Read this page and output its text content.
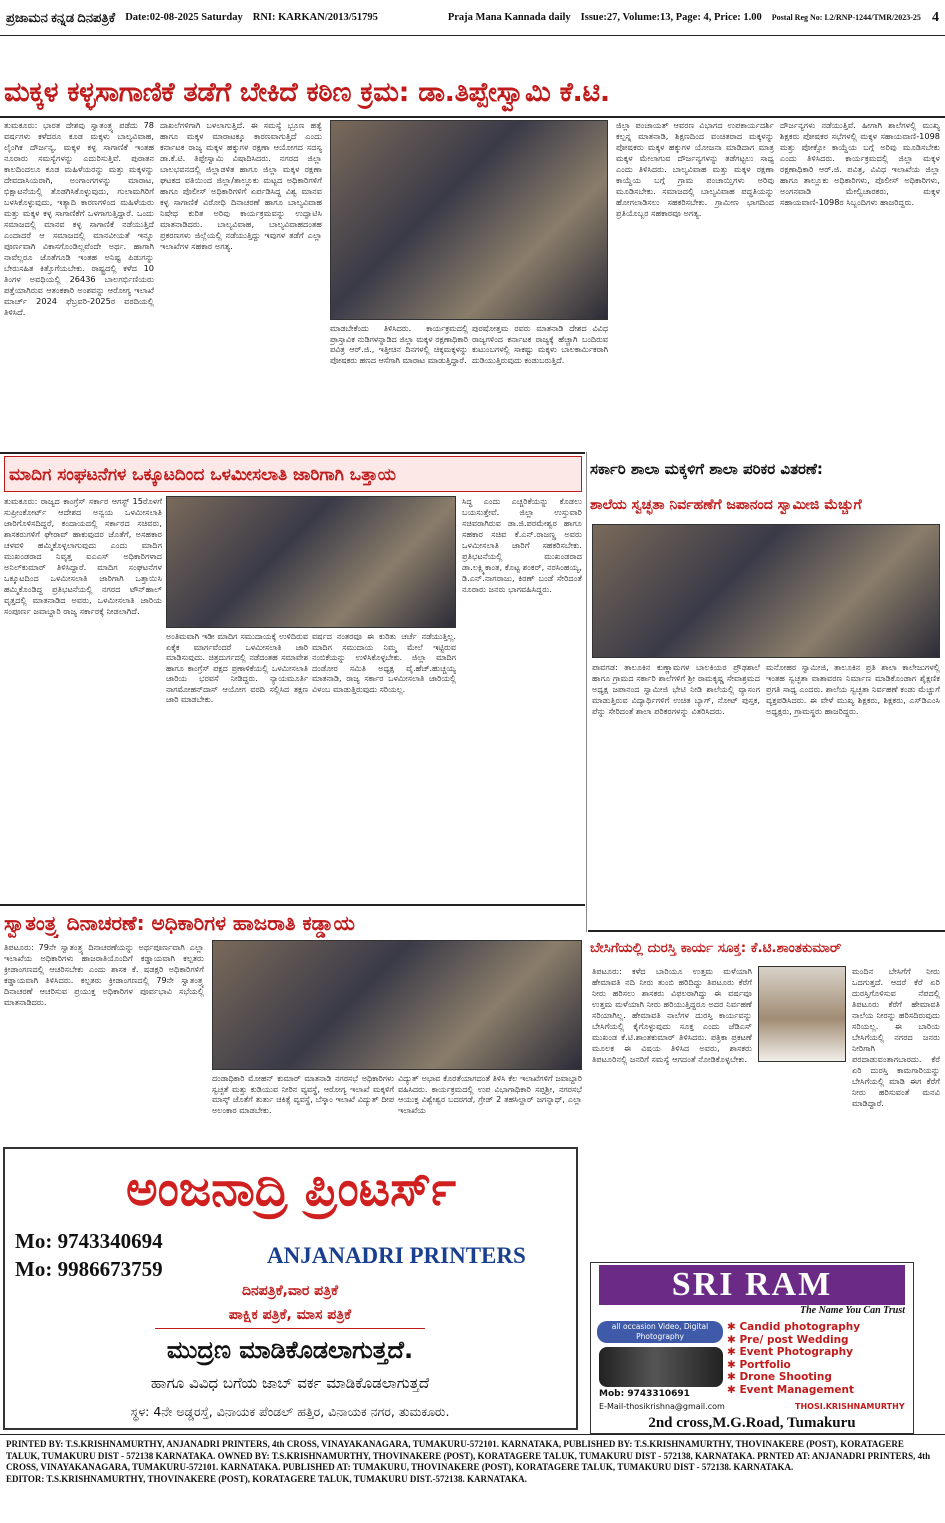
ಪ್ರಜಾಮನ ಕನ್ನಡ ದಿನಪತ್ರಿಕೆ Date:02-08-2025 Saturday RNI: KARKAN/2013/51795	Praja Mana Kannada daily Issue:27, Volume:13, Page: 4, Price: 1.00 Postal Reg No: L2/RNP-1244/TMR/2023-25 4
ಮಕ್ಕಳ ಕಳ್ಳಸಾಗಾಣಿಕೆ ತಡೆಗೆ ಬೇಕಿದೆ ಕಠಿಣ ಕ್ರಮ: ಡಾ.ತಿಪ್ಪೇಸ್ವಾಮಿ ಕೆ.ಟಿ.
ತುಮಕೂರು: ಭಾರತ ದೇಶವು ಸ್ವಾತಂತ್ರ್ಯ ಪಡೆದು 78 ವರ್ಷಗಳು ಕಳೆದರೂ ಕೂಡ ಮಕ್ಕಳು ಬಾಲ್ಯವಿವಾಹ, ಲೈಂಗಿಕ ದೌರ್ಜನ್ಯ, ಮಕ್ಕಳ ಕಳ್ಳ ಸಾಗಾಣಿಕೆ ಇಂತಹ ನೂರಾರು ಸಮಸ್ಯೆಗಳನ್ನು ಎದುರಿಸುತ್ತಿವೆ. ಪುರಾತನ ಕಾಲದಿಂದಲೂ ಕೂಡ ಮಹಿಳೆಯರನ್ನು ಮತ್ತು ಮಕ್ಕಳನ್ನು ದೇವದಾಸಿಯರಾಗಿ, ಅಂಗಾಂಗಗಳನ್ನು ಮಾರಾಟ, ಭಿಕ್ಷಾಟನೆಯಲ್ಲಿ ತೊಡಗಿಸಿಕೊಳ್ಳುವುದು, ಗುಲಾಮಗಿರಿಗೆ ಬಳಸಿಕೊಳ್ಳುವುದು, ಇತ್ಯಾದಿ ಕಾರಣಗಳಿಂದ ಮಹಿಳೆಯರು ಮತ್ತು ಮಕ್ಕಳ ಕಳ್ಳ ಸಾಗಾಣಿಕೆಗೆ ಒಳಗಾಗುತ್ತಿದ್ದಾರೆ. ಒಂದು ಸಮಾಜದಲ್ಲಿ ಮಾನವ ಕಳ್ಳ ಸಾಗಾಣಿಕೆ ನಡೆಯುತ್ತಿದೆ ಎಂದಾದರೆ ಆ ಸಮಾಜದಲ್ಲಿ ಮಾನವೀಯತೆ ಇನ್ನೂ ಪೂರ್ಣವಾಗಿ ವಿಕಾಸಗೊಂಡಿಲ್ಲವೆಂದೇ ಅರ್ಥ. ಹಾಗಾಗಿ ನಾವೆಲ್ಲರೂ ಜೊತೆಗೂಡಿ ಇಂತಹ ಅನಿಷ್ಟ ಪಿಡುಗನ್ನು ಬೇರುಸಹಿತ ಕಿತ್ತೊಗೆಯಬೇಕು. ರಾಷ್ಟ್ರದಲ್ಲಿ ಕಳೆದ 10 ತಿಂಗಳ ಅವಧಿಯಲ್ಲಿ 26436 ಬಾಲಗರ್ಭಿಣಿಯರು ಪತ್ತೆಯಾಗಿರುವ ಆತಂಕಕಾರಿ ಅಂಶವನ್ನು ಆರೋಗ್ಯ ಇಲಾಖೆ ಮಾರ್ಚ್ 2024 ಫೆಬ್ರವರಿ-2025ರ ವರದಿಯಲ್ಲಿ ತಿಳಿಸಿದೆ.
ದಾಖಲೆಗಳಿಗಾಗಿ ಬಳಲಾಗುತ್ತಿದೆ. ಈ ಸಮಸ್ಯೆ ಭ್ರೂಣ ಹತ್ಯೆ ಹಾಗೂ ಮಕ್ಕಳ ಮಾರಾಟಕ್ಕೂ ಕಾರಣವಾಗುತ್ತಿದೆ ಎಂದು ಕರ್ನಾಟಕ ರಾಜ್ಯ ಮಕ್ಕಳ ಹಕ್ಕುಗಳ ರಕ್ಷಣಾ ಆಯೋಗದ ಸದಸ್ಯ ಡಾ.ಕೆ.ಟಿ. ತಿಪ್ಪೇಸ್ವಾಮಿ ವಿಷಾದಿಸಿದರು. ನಗರದ ಜಿಲ್ಲಾ ಬಾಲಭವನದಲ್ಲಿ ಜಿಲ್ಲಾಡಳಿತ ಹಾಗೂ ಜಿಲ್ಲಾ ಮಕ್ಕಳ ರಕ್ಷಣಾ ಘಟಕದ ವತಿಯಿಂದ ಜಿಲ್ಲಾ/ತಾಲ್ಲೂಕು ಮಟ್ಟದ ಅಧಿಕಾರಿಗಳಿಗೆ ಹಾಗೂ ಪೊಲೀಸ್ ಅಧಿಕಾರಿಗಳಿಗೆ ಏರ್ಪಡಿಸಿದ್ದ ವಿಶ್ವ ಮಾನವ ಕಳ್ಳ ಸಾಗಾಣಿಕೆ ವಿರೋಧಿ ದಿನಾಚರಣೆ ಹಾಗೂ ಬಾಲ್ಯವಿವಾಹ ನಿಷೇಧ ಕುರಿತ ಅರಿವು ಕಾರ್ಯಕ್ರಮವನ್ನು ಉದ್ಘಾಟಿಸಿ ಮಾತನಾಡಿದರು. ಬಾಲ್ಯವಿವಾಹ, ಬಾಲ್ಯವಿವಾಹದಂತಹ ಪ್ರಕರಣಗಳು ಜಿಲ್ಲೆಯಲ್ಲಿ ನಡೆಯುತ್ತಿದ್ದು ಇವುಗಳ ತಡೆಗೆ ಎಲ್ಲಾ ಇಲಾಖೆಗಳ ಸಹಕಾರ ಅಗತ್ಯ.
ಮಾಡಬೇಕೆಂದು ತಿಳಿಸಿದರು. ಕಾರ್ಯಕ್ರಮದಲ್ಲಿ ಪ್ರಾಸ್ತಾವಿಕ ನುಡಿಗಳನ್ನಾಡಿದ ಜಿಲ್ಲಾ ಮಕ್ಕಳ ರಕ್ಷಣಾಧಿಕಾರಿ ಪವಿತ್ರ ಆರ್.ಜಿ., ಇತ್ತೀಚಿನ ದಿನಗಳಲ್ಲಿ ಚಿಕ್ಕಮಕ್ಕಳನ್ನು ಪೋಷಕರು ಹಣದ ಆಸೆಗಾಗಿ ಮಾರಾಟ ಮಾಡುತ್ತಿದ್ದಾರೆ.
ಪುರಷೋತ್ತಮ ರವರು ಮಾತನಾಡಿ ದೇಶದ ವಿವಿಧ ರಾಜ್ಯಗಳಿಂದ ಕರ್ನಾಟಕ ರಾಜ್ಯಕ್ಕೆ ಹೆಚ್ಚಾಗಿ ಬಂದಿರುವ ಕುಟುಂಬಗಳಲ್ಲಿ ಸಾಕಷ್ಟು ಮಕ್ಕಳು ಬಾಲಕಾರ್ಮಿಕರಾಗಿ ದುಡಿಯುತ್ತಿರುವುದು ಕಂಡುಬರುತ್ತಿದೆ.
ಜಿಲ್ಲಾ ಪಂಚಾಯತ್ ಆವರಣ ವಿಭಾಗದ ಉಪಕಾರ್ಯದರ್ಶಿ ಕಲ್ಪನ್ನ ಮಾತನಾಡಿ, ಶಿಕ್ಷಣದಿಂದ ವಂಚಿತರಾದ ಮಕ್ಕಳನ್ನು ಪೋಷಕರು ಮಕ್ಕಳ ಹಕ್ಕುಗಳ ಯೋಜನಾ ಮಾಡಿದಾಗ ಮಾತ್ರ ಮಕ್ಕಳ ಮೇಲಾಗುವ ದೌರ್ಜನ್ಯಗಳನ್ನು ತಡೆಗಟ್ಟಲು ಸಾಧ್ಯ ಎಂದು ತಿಳಿಸಿದರು. ಬಾಲ್ಯವಿವಾಹ ಮತ್ತು ಮಕ್ಕಳ ರಕ್ಷಣಾ ಕಾಯ್ದೆಯ ಬಗ್ಗೆ ಗ್ರಾಮ ಪಂಚಾಯ್ತಿಗಳು ಅರಿವು ಮೂಡಿಸಬೇಕು. ಸಮಾಜದಲ್ಲಿ ಬಾಲ್ಯವಿವಾಹ ಪದ್ಧತಿಯನ್ನು ಹೋಗಲಾಡಿಸಲು ಸಹಕರಿಸಬೇಕು. ಗ್ರಾಮೀಣ ಭಾಗದಿಂದ ಪ್ರತಿಯೊಬ್ಬರ ಸಹಕಾರವೂ ಅಗತ್ಯ.
ದೌರ್ಜನ್ಯಗಳು ನಡೆಯುತ್ತಿವೆ. ಹೀಗಾಗಿ ಶಾಲೆಗಳಲ್ಲಿ ಮುಖ್ಯ ಶಿಕ್ಷಕರು ಪೋಷಕರ ಸಭೆಗಳಲ್ಲಿ ಮಕ್ಕಳ ಸಹಾಯವಾಣಿ-1098 ಮತ್ತು ಪೋಕ್ಸೋ ಕಾಯ್ದೆಯ ಬಗ್ಗೆ ಅರಿವು ಮೂಡಿಸಬೇಕು ಎಂದು ತಿಳಿಸಿದರು. ಕಾರ್ಯಕ್ರಮದಲ್ಲಿ ಜಿಲ್ಲಾ ಮಕ್ಕಳ ರಕ್ಷಣಾಧಿಕಾರಿ ಆರ್.ಜಿ. ಪವಿತ್ರ, ವಿವಿಧ ಇಲಾಖೆಯ ಜಿಲ್ಲಾ ಹಾಗೂ ತಾಲ್ಲೂಕು ಅಧಿಕಾರಿಗಳು, ಪೊಲೀಸ್ ಅಧಿಕಾರಿಗಳು, ಅಂಗನವಾಡಿ ಮೇಲ್ವಿಚಾರಕರು, ಮಕ್ಕಳ ಸಹಾಯವಾಣಿ-1098ರ ಸಿಬ್ಬಂದಿಗಳು ಹಾಜರಿದ್ದರು.
ಮಾದಿಗ ಸಂಘಟನೆಗಳ ಒಕ್ಕೂಟದಿಂದ ಒಳಮೀಸಲಾತಿ ಜಾರಿಗಾಗಿ ಒತ್ತಾಯ
ತುಮಕೂರು: ರಾಜ್ಯದ ಕಾಂಗ್ರೆಸ್ ಸರ್ಕಾರ ಆಗಸ್ಟ್ 15ರೊಳಗೆ ಸುಪ್ರೀಂಕೋರ್ಟ್ ಆದೇಶದ ಅನ್ವಯ ಒಳಮೀಸಲಾತಿ ಜಾರಿಗೊಳಿಸದಿದ್ದರೆ, ಕಂದಾಯದಲ್ಲಿ ಸರ್ಕಾರದ ಸಚಿವರು, ಶಾಸಕರುಗಳಿಗೆ ಘೇರಾವ್ ಹಾಕುವುದರ ಜೊತೆಗೆ, ಅಸಹಕಾರ ಚಳವಳಿ ಹಮ್ಮಿಕೊಳ್ಳಲಾಗುವುದು ಎಂದು ಮಾದಿಗ ಮುಖಂಡರಾದ ನಿವೃತ್ತ ಐಎಎಸ್ ಅಧಿಕಾರಿಗಳಾದ ಅನಿಲ್‌ಕುಮಾರ್ ತಿಳಿಸಿದ್ದಾರೆ. ಮಾದಿಗ ಸಂಘಟನೆಗಳ ಒಕ್ಕೂಟದಿಂದ ಒಳಮೀಸಲಾತಿ ಜಾರಿಗಾಗಿ ಒತ್ತಾಯಿಸಿ ಹಮ್ಮಿಕೊಂಡಿದ್ದ ಪ್ರತಿಭಟನೆಯಲ್ಲಿ ನಗರದ ಟೌನ್‌ಹಾಲ್ ವೃತ್ತದಲ್ಲಿ ಮಾತನಾಡಿದ ಅವರು, ಒಳಮೀಸಲಾತಿ ಜಾರಿಯ ಸಂಪೂರ್ಣ ಜವಾಬ್ದಾರಿ ರಾಜ್ಯ ಸರ್ಕಾರಕ್ಕೆ ನೀಡಲಾಗಿದೆ.
ಅಂತಿಮವಾಗಿ ಇಡೀ ಮಾದಿಗ ಸಮುದಾಯಕ್ಕೆ ಉಳಿದಿರುವ ಏಕೈಕ ಮಾರ್ಗವೆಂದರೆ ಒಳಮೀಸಲಾತಿ ಜಾರಿ ಮಾಡಿಸುವುದು. ಚಿತ್ರದುರ್ಗದಲ್ಲಿ ನಡೆದಂತಹ ಸಮಾವೇಶ ಹಾಗೂ ಕಾಂಗ್ರೆಸ್ ಪಕ್ಷದ ಪ್ರಣಾಳಿಕೆಯಲ್ಲಿ ಒಳಮೀಸಲಾತಿ ಜಾರಿಯ ಭರವಸೆ ನೀಡಿದ್ದರು. ನ್ಯಾಯಮೂರ್ತಿ ನಾಗಮೋಹನ್‌ದಾಸ್ ಆಯೋಗ ವರದಿ ಸಲ್ಲಿಸಿದ ತಕ್ಷಣ ಜಾರಿ ಮಾಡಬೇಕು.
ವರ್ಷದ ನಂತರವೂ ಈ ಕುರಿತು ಚರ್ಚೆ ನಡೆಯುತ್ತಿಲ್ಲ. ಮಾದಿಗ ಸಮುದಾಯ ನಿಮ್ಮ ಮೇಲೆ ಇಟ್ಟಿರುವ ನಂಬಿಕೆಯನ್ನು ಉಳಿಸಿಕೊಳ್ಳಬೇಕು. ಜಿಲ್ಲಾ ಮಾದಿಗ ದಂಡೋರ ಸಮಿತಿ ಅಧ್ಯಕ್ಷ ವೈ.ಹೆಚ್.ಹುಚ್ಚಯ್ಯ ಮಾತನಾಡಿ, ರಾಜ್ಯ ಸರ್ಕಾರ ಒಳಮೀಸಲಾತಿ ಜಾರಿಯಲ್ಲಿ ವಿಳಂಬ ಮಾಡುತ್ತಿರುವುದು ಸರಿಯಲ್ಲ.
ಸಿದ್ಧ ಎಂದು ಎಚ್ಚರಿಕೆಯನ್ನು ಕೊಡಲು ಬಯಸುತ್ತೇವೆ. ಜಿಲ್ಲಾ ಉಸ್ತುವಾರಿ ಸಚಿವರಾಗಿರುವ ಡಾ.ಜಿ.ಪರಮೇಶ್ವರ ಹಾಗೂ ಸಹಕಾರ ಸಚಿವ ಕೆ.ಎನ್.ರಾಜಣ್ಣ ಅವರು ಒಳಮೀಸಲಾತಿ ಜಾರಿಗೆ ಸಹಕರಿಸಬೇಕು. ಪ್ರತಿಭಟನೆಯಲ್ಲಿ ಮುಖಂಡರಾದ ಡಾ.ಲಕ್ಷ್ಮಿಕಾಂತ, ಕೊಟ್ಟ ಶಂಕರ್, ನರಸಿಂಹಯ್ಯ, ಡಿ.ಎನ್.ನಾಗರಾಜು, ಕಿರಣ್ ಬಂಡೆ ಸೇರಿದಂತೆ ನೂರಾರು ಜನರು ಭಾಗವಹಿಸಿದ್ದರು.
ಸರ್ಕಾರಿ ಶಾಲಾ ಮಕ್ಕಳಿಗೆ ಶಾಲಾ ಪರಿಕರ ವಿತರಣೆ:
ಶಾಲೆಯ ಸ್ವಚ್ಛತಾ ನಿರ್ವಹಣೆಗೆ ಜಪಾನಂದ ಸ್ವಾಮೀಜಿ ಮೆಚ್ಚುಗೆ
ಪಾವಗಡ: ತಾಲೂಕಿನ ಕುಣ್ಣಾಮಗಳ ಬಾಲಕಿಯರ ಪ್ರೌಢಶಾಲೆ ಹಾಗೂ ಗ್ರಾಮದ ಸರ್ಕಾರಿ ಶಾಲೆಗಳಿಗೆ ಶ್ರೀ ರಾಮಕೃಷ್ಣ ಸೇವಾಶ್ರಮದ ಅಧ್ಯಕ್ಷ ಜಪಾನಂದ ಸ್ವಾಮೀಜಿ ಭೇಟಿ ನೀಡಿ ಶಾಲೆಯಲ್ಲಿ ವ್ಯಾಸಂಗ ಮಾಡುತ್ತಿರುವ ವಿದ್ಯಾರ್ಥಿಗಳಿಗೆ ಉಚಿತ ಬ್ಯಾಗ್, ನೋಟ್ ಪುಸ್ತಕ, ಪೆನ್ನು ಸೇರಿದಂತೆ ಶಾಲಾ ಪರಿಕರಗಳನ್ನು ವಿತರಿಸಿದರು.
ಮನೋಹರ ಸ್ವಾಮೀಜಿ, ತಾಲೂಕಿನ ಪ್ರತಿ ಶಾಲಾ ಕಾಲೇಜುಗಳಲ್ಲಿ ಇಂತಹ ಸ್ವಚ್ಛತಾ ವಾತಾವರಣ ನಿರ್ಮಾಣ ಮಾಡಿಕೊಂಡಾಗ ಶೈಕ್ಷಣಿಕ ಪ್ರಗತಿ ಸಾಧ್ಯ ಎಂದರು. ಶಾಲೆಯ ಸ್ವಚ್ಛತಾ ನಿರ್ವಹಣೆ ಕಂಡು ಮೆಚ್ಚುಗೆ ವ್ಯಕ್ತಪಡಿಸಿದರು. ಈ ವೇಳೆ ಮುಖ್ಯ ಶಿಕ್ಷಕರು, ಶಿಕ್ಷಕರು, ಎಸ್‌ಡಿಎಂಸಿ ಅಧ್ಯಕ್ಷರು, ಗ್ರಾಮಸ್ಥರು ಹಾಜರಿದ್ದರು.
ಸ್ವಾತಂತ್ರ್ಯ ದಿನಾಚರಣೆ: ಅಧಿಕಾರಿಗಳ ಹಾಜರಾತಿ ಕಡ್ಡಾಯ
ತಿಪಟೂರು: 79ನೇ ಸ್ವಾತಂತ್ರ್ಯ ದಿನಾಚರಣೆಯನ್ನು ಅರ್ಥಪೂರ್ಣವಾಗಿ ಎಲ್ಲಾ ಇಲಾಖೆಯ ಅಧಿಕಾರಿಗಳು ಹಾಜರಾತಿಯೊಂದಿಗೆ ಕಡ್ಡಾಯವಾಗಿ ಕಲ್ಪತರು ಕ್ರೀಡಾಂಗಣದಲ್ಲಿ ಆಚರಿಸಬೇಕು ಎಂದು ಶಾಸಕ ಕೆ. ಷಡಕ್ಷರಿ ಅಧಿಕಾರಿಗಳಿಗೆ ಕಡ್ಡಾಯವಾಗಿ ತಿಳಿಸಿದರು. ಕಲ್ಪತರು ಕ್ರೀಡಾಂಗಣದಲ್ಲಿ 79ನೇ ಸ್ವಾತಂತ್ರ್ಯ ದಿನಾಚರಣೆ ಆಚರಿಸುವ ಪ್ರಯುಕ್ತ ಅಧಿಕಾರಿಗಳ ಪೂರ್ವಭಾವಿ ಸಭೆಯಲ್ಲಿ ಮಾತನಾಡಿದರು.
ದಂಡಾಧಿಕಾರಿ ಮೋಹನ್ ಕುಮಾರ್ ಮಾತನಾಡಿ ನಗರಸಭೆ ಅಧಿಕಾರಿಗಳು ಸ್ವಚ್ಛತೆ ಮತ್ತು ಕುಡಿಯುವ ನೀರಿನ ವ್ಯವಸ್ಥೆ, ಆರೋಗ್ಯ ಇಲಾಖೆ ಮಕ್ಕಳಿಗೆ ಮಾಸ್ಕ್ ಜೊತೆಗೆ ತುರ್ತು ಚಿಕಿತ್ಸೆ ವ್ಯವಸ್ಥೆ, ಬೆಸ್ಕಾಂ ಇಲಾಖೆ ವಿದ್ಯುತ್ ದೀಪ ಅಲಂಕಾರ ಮಾಡಬೇಕು.
ವಿದ್ಯುತ್ ಅಭಾವ ಕೊರತೆಯಾಗದಂತೆ ತಿಳಿಸಿ ಕೆಲ ಇಲಾಖೆಗಳಿಗೆ ಜವಾಬ್ದಾರಿ ವಹಿಸಿದರು. ಕಾರ್ಯಕ್ರಮದಲ್ಲಿ ಉಪ ವಿಭಾಗಾಧಿಕಾರಿ ಸಪ್ತಶ್ರೀ, ನಗರಸಭೆ ಆಯುಕ್ತ ವಿಶ್ವೇಶ್ವರ ಬದರಗಡೆ, ಗ್ರೇಡ್ 2 ತಹಸಿಲ್ದಾರ್ ಜಗನ್ನಾಥ್, ಎಲ್ಲಾ ಇಲಾಖೆಯ
ಬೇಸಿಗೆಯಲ್ಲಿ ದುರಸ್ತಿ ಕಾರ್ಯ ಸೂಕ್ತ: ಕೆ.ಟಿ.ಶಾಂತಕುಮಾರ್
ತಿಪಟೂರು: ಕಳೆದ ಬಾರಿಯೂ ಉತ್ತಮ ಮಳೆಯಾಗಿ ಹೇಮಾವತಿ ನದಿ ನೀರು ತುಂಬಿ ಹರಿದಿದ್ದು ತಿಪಟೂರು ಕೆರೆಗೆ ನೀರು ಹರಿಸಲು ಶಾಸಕರು ವಿಫಲರಾಗಿದ್ದು ಈ ವರ್ಷವೂ ಉತ್ತಮ ಮಳೆಯಾಗಿ ನೀರು ಹರಿಯುತ್ತಿದ್ದರೂ ಅದರ ನಿರ್ವಹಣೆ ಸರಿಯಾಗಿಲ್ಲ. ಹೇಮಾವತಿ ನಾಲೆಗಳ ದುರಸ್ತಿ ಕಾರ್ಯವನ್ನು ಬೇಸಿಗೆಯಲ್ಲಿ ಕೈಗೊಳ್ಳುವುದು ಸೂಕ್ತ ಎಂದು ಜೆಡಿಎಸ್ ಮುಖಂಡ ಕೆ.ಟಿ.ಶಾಂತಕುಮಾರ್ ತಿಳಿಸಿದರು. ಪತ್ರಿಕಾ ಪ್ರಕಟಣೆ ಮೂಲಕ ಈ ವಿಷಯ ತಿಳಿಸಿದ ಅವರು, ಶಾಸಕರು ತಿಪಟೂರಿನಲ್ಲಿ ಜನರಿಗೆ ಸಮಸ್ಯೆ ಆಗದಂತೆ ನೋಡಿಕೊಳ್ಳಬೇಕು.
ಮಂದಿನ ಬೇಸಿಗೆಗೆ ನೀರು ಒದಗುತ್ತದೆ. ಆದರೆ ಕೆರೆ ಏರಿ ದುರಸ್ತಿಗೊಳಿಸುವ ನೆಪದಲ್ಲಿ ತಿಪಟೂರು ಕೆರೆಗೆ ಹೇಮಾವತಿ ನಾಲೆಯ ನೀರನ್ನು ಹರಿಸದಿರುವುದು ಸರಿಯಲ್ಲ. ಈ ಬಾರಿಯ ಬೇಸಿಗೆಯಲ್ಲಿ ನಗರದ ಜನರು ನೀರಿಗಾಗಿ ಪರದಾಡುವಂತಾಗಬಾರದು. ಕೆರೆ ಏರಿ ದುರಸ್ತಿ ಕಾಮಗಾರಿಯನ್ನು ಬೇಸಿಗೆಯಲ್ಲಿ ಮಾಡಿ ಈಗ ಕೆರೆಗೆ ನೀರು ಹರಿಸುವಂತೆ ಮನವಿ ಮಾಡಿದ್ದಾರೆ.
ಅಂಜನಾದ್ರಿ ಪ್ರಿಂಟರ್ಸ್
Mo: 9743340694
Mo: 9986673759
ANJANADRI PRINTERS
ದಿನಪತ್ರಿಕೆ,ವಾರ ಪತ್ರಿಕೆ
ಪಾಕ್ಷಿಕ ಪತ್ರಿಕೆ, ಮಾಸ ಪತ್ರಿಕೆ
ಮುದ್ರಣ ಮಾಡಿಕೊಡಲಾಗುತ್ತದೆ.
ಹಾಗೂ ವಿವಿಧ ಬಗೆಯ ಜಾಬ್ ವರ್ಕ ಮಾಡಿಕೊಡಲಾಗುತ್ತದೆ
ಸ್ಥಳ: 4ನೇ ಅಡ್ಡರಸ್ತೆ, ವಿನಾಯಕ ಪೆಂಡಲ್ ಹತ್ತಿರ, ವಿನಾಯಕ ನಗರ, ತುಮಕೂರು.
SRI RAM
The Name You Can Trust
all occasion Video, Digital Photography
✱ Candid photography
✱ Pre/ post Wedding
✱ Event Photography
✱ Portfolio
✱ Drone Shooting
✱ Event Management
Mob: 9743310691
E-Mail-thosikrishna@gmail.com	THOSI.KRISHNAMURTHY
2nd cross,M.G.Road, Tumakuru
PRINTED BY: T.S.KRISHNAMURTHY, ANJANADRI PRINTERS, 4th CROSS, VINAYAKANAGARA, TUMAKURU-572101. KARNATAKA, PUBLISHED BY: T.S.KRISHNAMURTHY, THOVINAKERE (POST), KORATAGERE TALUK, TUMAKURU DIST - 572138 KARNATAKA. OWNED BY: T.S.KRISHNAMURTHY, THOVINAKERE (POST), KORATAGERE TALUK, TUMAKURU DIST - 572138, KARNATAKA. PRNTED AT: ANJANADRI PRINTERS, 4th CROSS, VINAYAKANAGARA, TUMAKURU-572101. KARNATAKA. PUBLISHED AT: TUMAKURU, THOVINAKERE (POST), KORATAGERE TALUK, TUMAKURU DIST - 572138. KARNATAKA.
EDITOR: T.S.KRISHNAMURTHY, THOVINAKERE (POST), KORATAGERE TALUK, TUMAKURU DIST.-572138. KARNATAKA.
